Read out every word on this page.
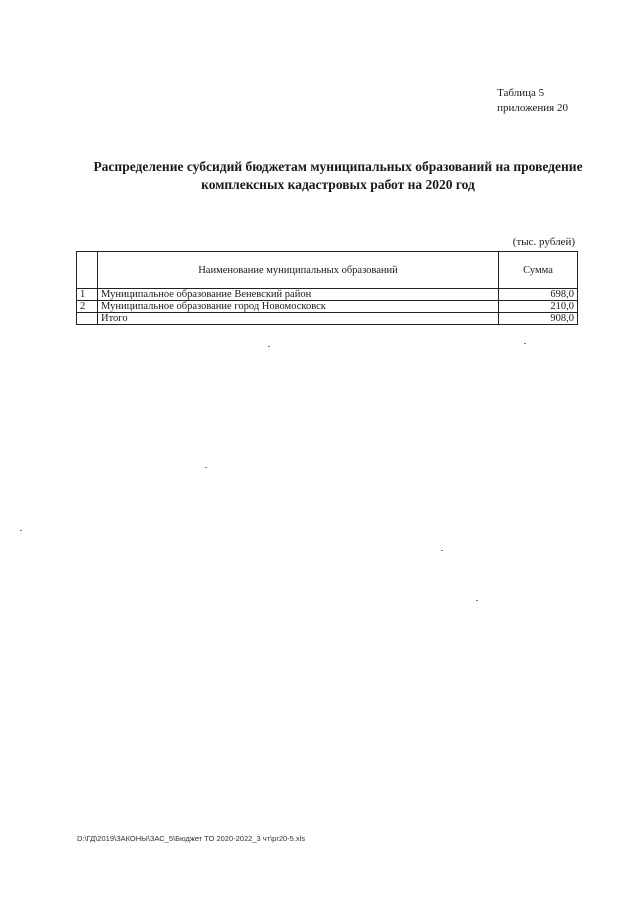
Таблица 5
приложения 20
Распределение субсидий бюджетам муниципальных образований на проведение
комплексных кадастровых работ на 2020 год
(тыс. рублей)
	Наименование муниципальных образований	Сумма
1	Муниципальное образование Веневский район	698,0
2	Муниципальное образование город Новомосковск	210,0
	Итого	908,0
D:\ГД\2019\ЗАКОНЫ\ЗАС_5\Бюджет ТО 2020-2022_3 чт\pr20-5.xls
